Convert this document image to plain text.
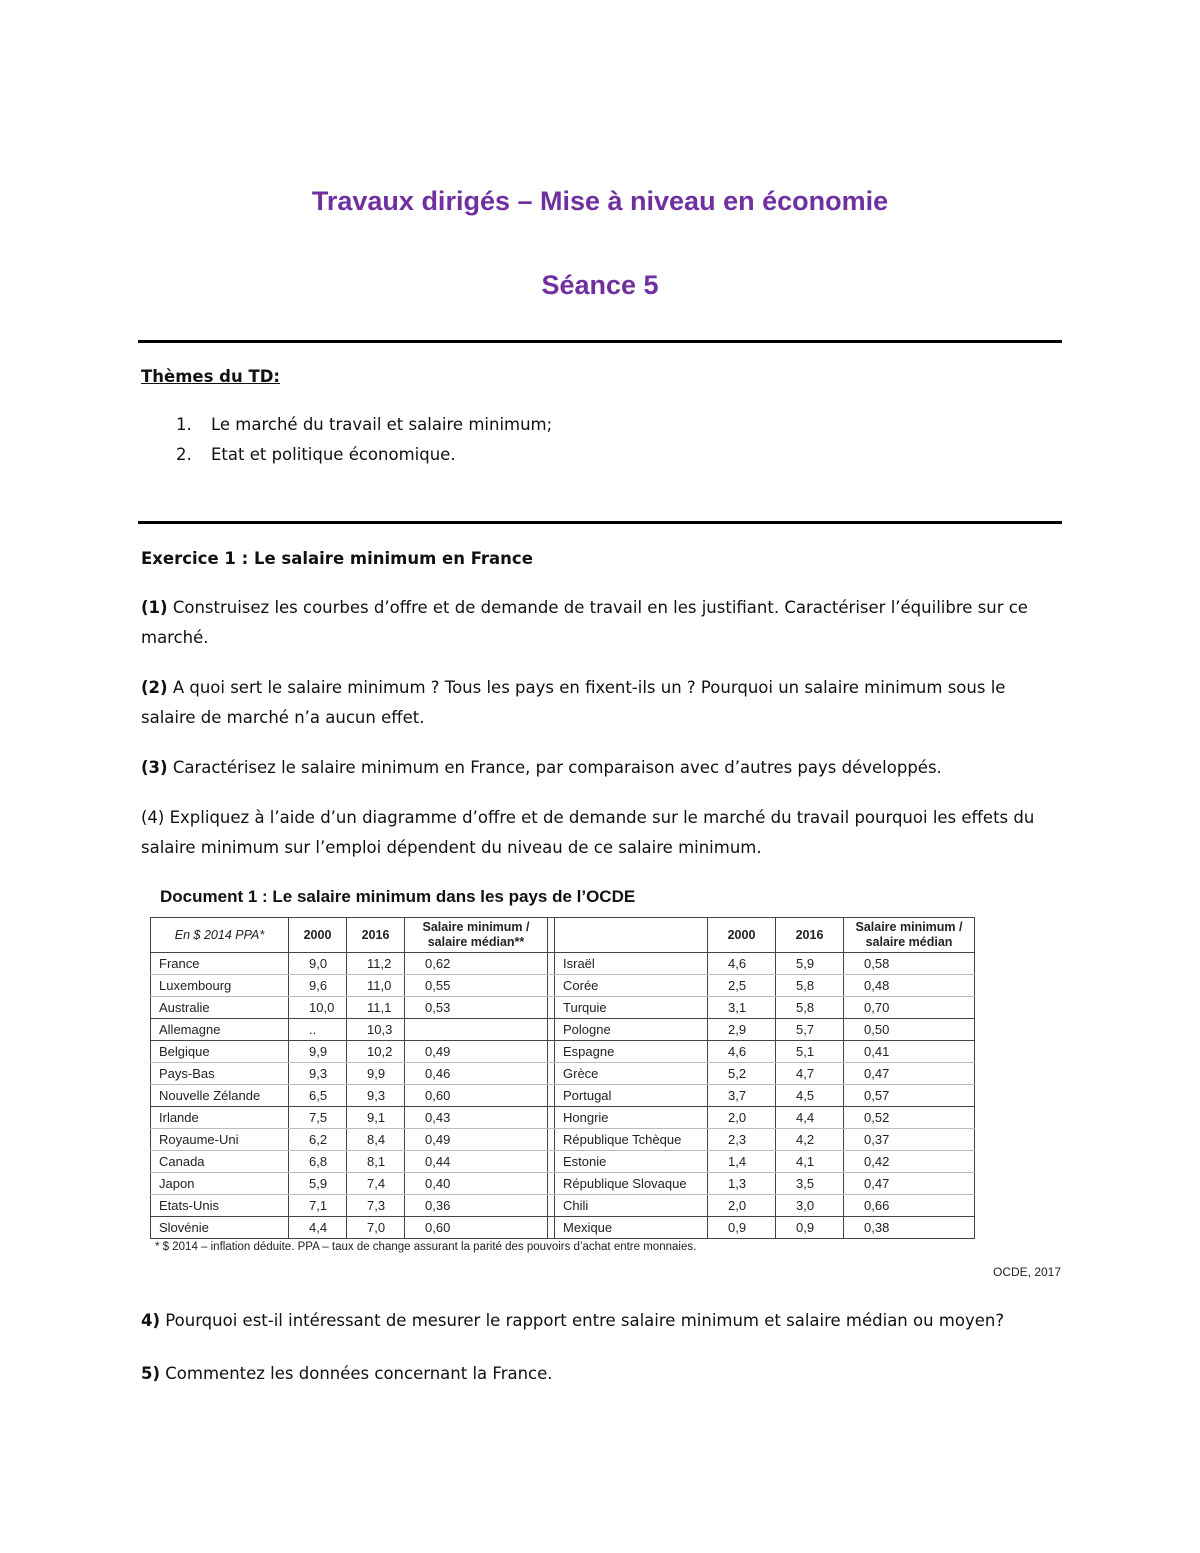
Travaux dirigés – Mise à niveau en économie
Séance 5
Thèmes du TD:
1. Le marché du travail et salaire minimum;
2. Etat et politique économique.
Exercice 1 : Le salaire minimum en France
(1) Construisez les courbes d’offre et de demande de travail en les justifiant. Caractériser l’équilibre sur ce marché.
(2) A quoi sert le salaire minimum ? Tous les pays en fixent-ils un ? Pourquoi un salaire minimum sous le salaire de marché n’a aucun effet.
(3) Caractérisez le salaire minimum en France, par comparaison avec d’autres pays développés.
(4) Expliquez à l’aide d’un diagramme d’offre et de demande sur le marché du travail pourquoi les effets du salaire minimum sur l’emploi dépendent du niveau de ce salaire minimum.
Document 1 : Le salaire minimum dans les pays de l’OCDE
En $ 2014 PPA*	2000	2016	Salaire minimum / salaire médian**			2000	2016	Salaire minimum / salaire médian
France	9,0	11,2	0,62		Israël	4,6	5,9	0,58
Luxembourg	9,6	11,0	0,55		Corée	2,5	5,8	0,48
Australie	10,0	11,1	0,53		Turquie	3,1	5,8	0,70
Allemagne	..	10,3			Pologne	2,9	5,7	0,50
Belgique	9,9	10,2	0,49		Espagne	4,6	5,1	0,41
Pays-Bas	9,3	9,9	0,46		Grèce	5,2	4,7	0,47
Nouvelle Zélande	6,5	9,3	0,60		Portugal	3,7	4,5	0,57
Irlande	7,5	9,1	0,43		Hongrie	2,0	4,4	0,52
Royaume-Uni	6,2	8,4	0,49		République Tchèque	2,3	4,2	0,37
Canada	6,8	8,1	0,44		Estonie	1,4	4,1	0,42
Japon	5,9	7,4	0,40		République Slovaque	1,3	3,5	0,47
Etats-Unis	7,1	7,3	0,36		Chili	2,0	3,0	0,66
Slovénie	4,4	7,0	0,60		Mexique	0,9	0,9	0,38
* $ 2014 – inflation déduite. PPA – taux de change assurant la parité des pouvoirs d’achat entre monnaies.
OCDE, 2017
4) Pourquoi est-il intéressant de mesurer le rapport entre salaire minimum et salaire médian ou moyen?
5) Commentez les données concernant la France.
